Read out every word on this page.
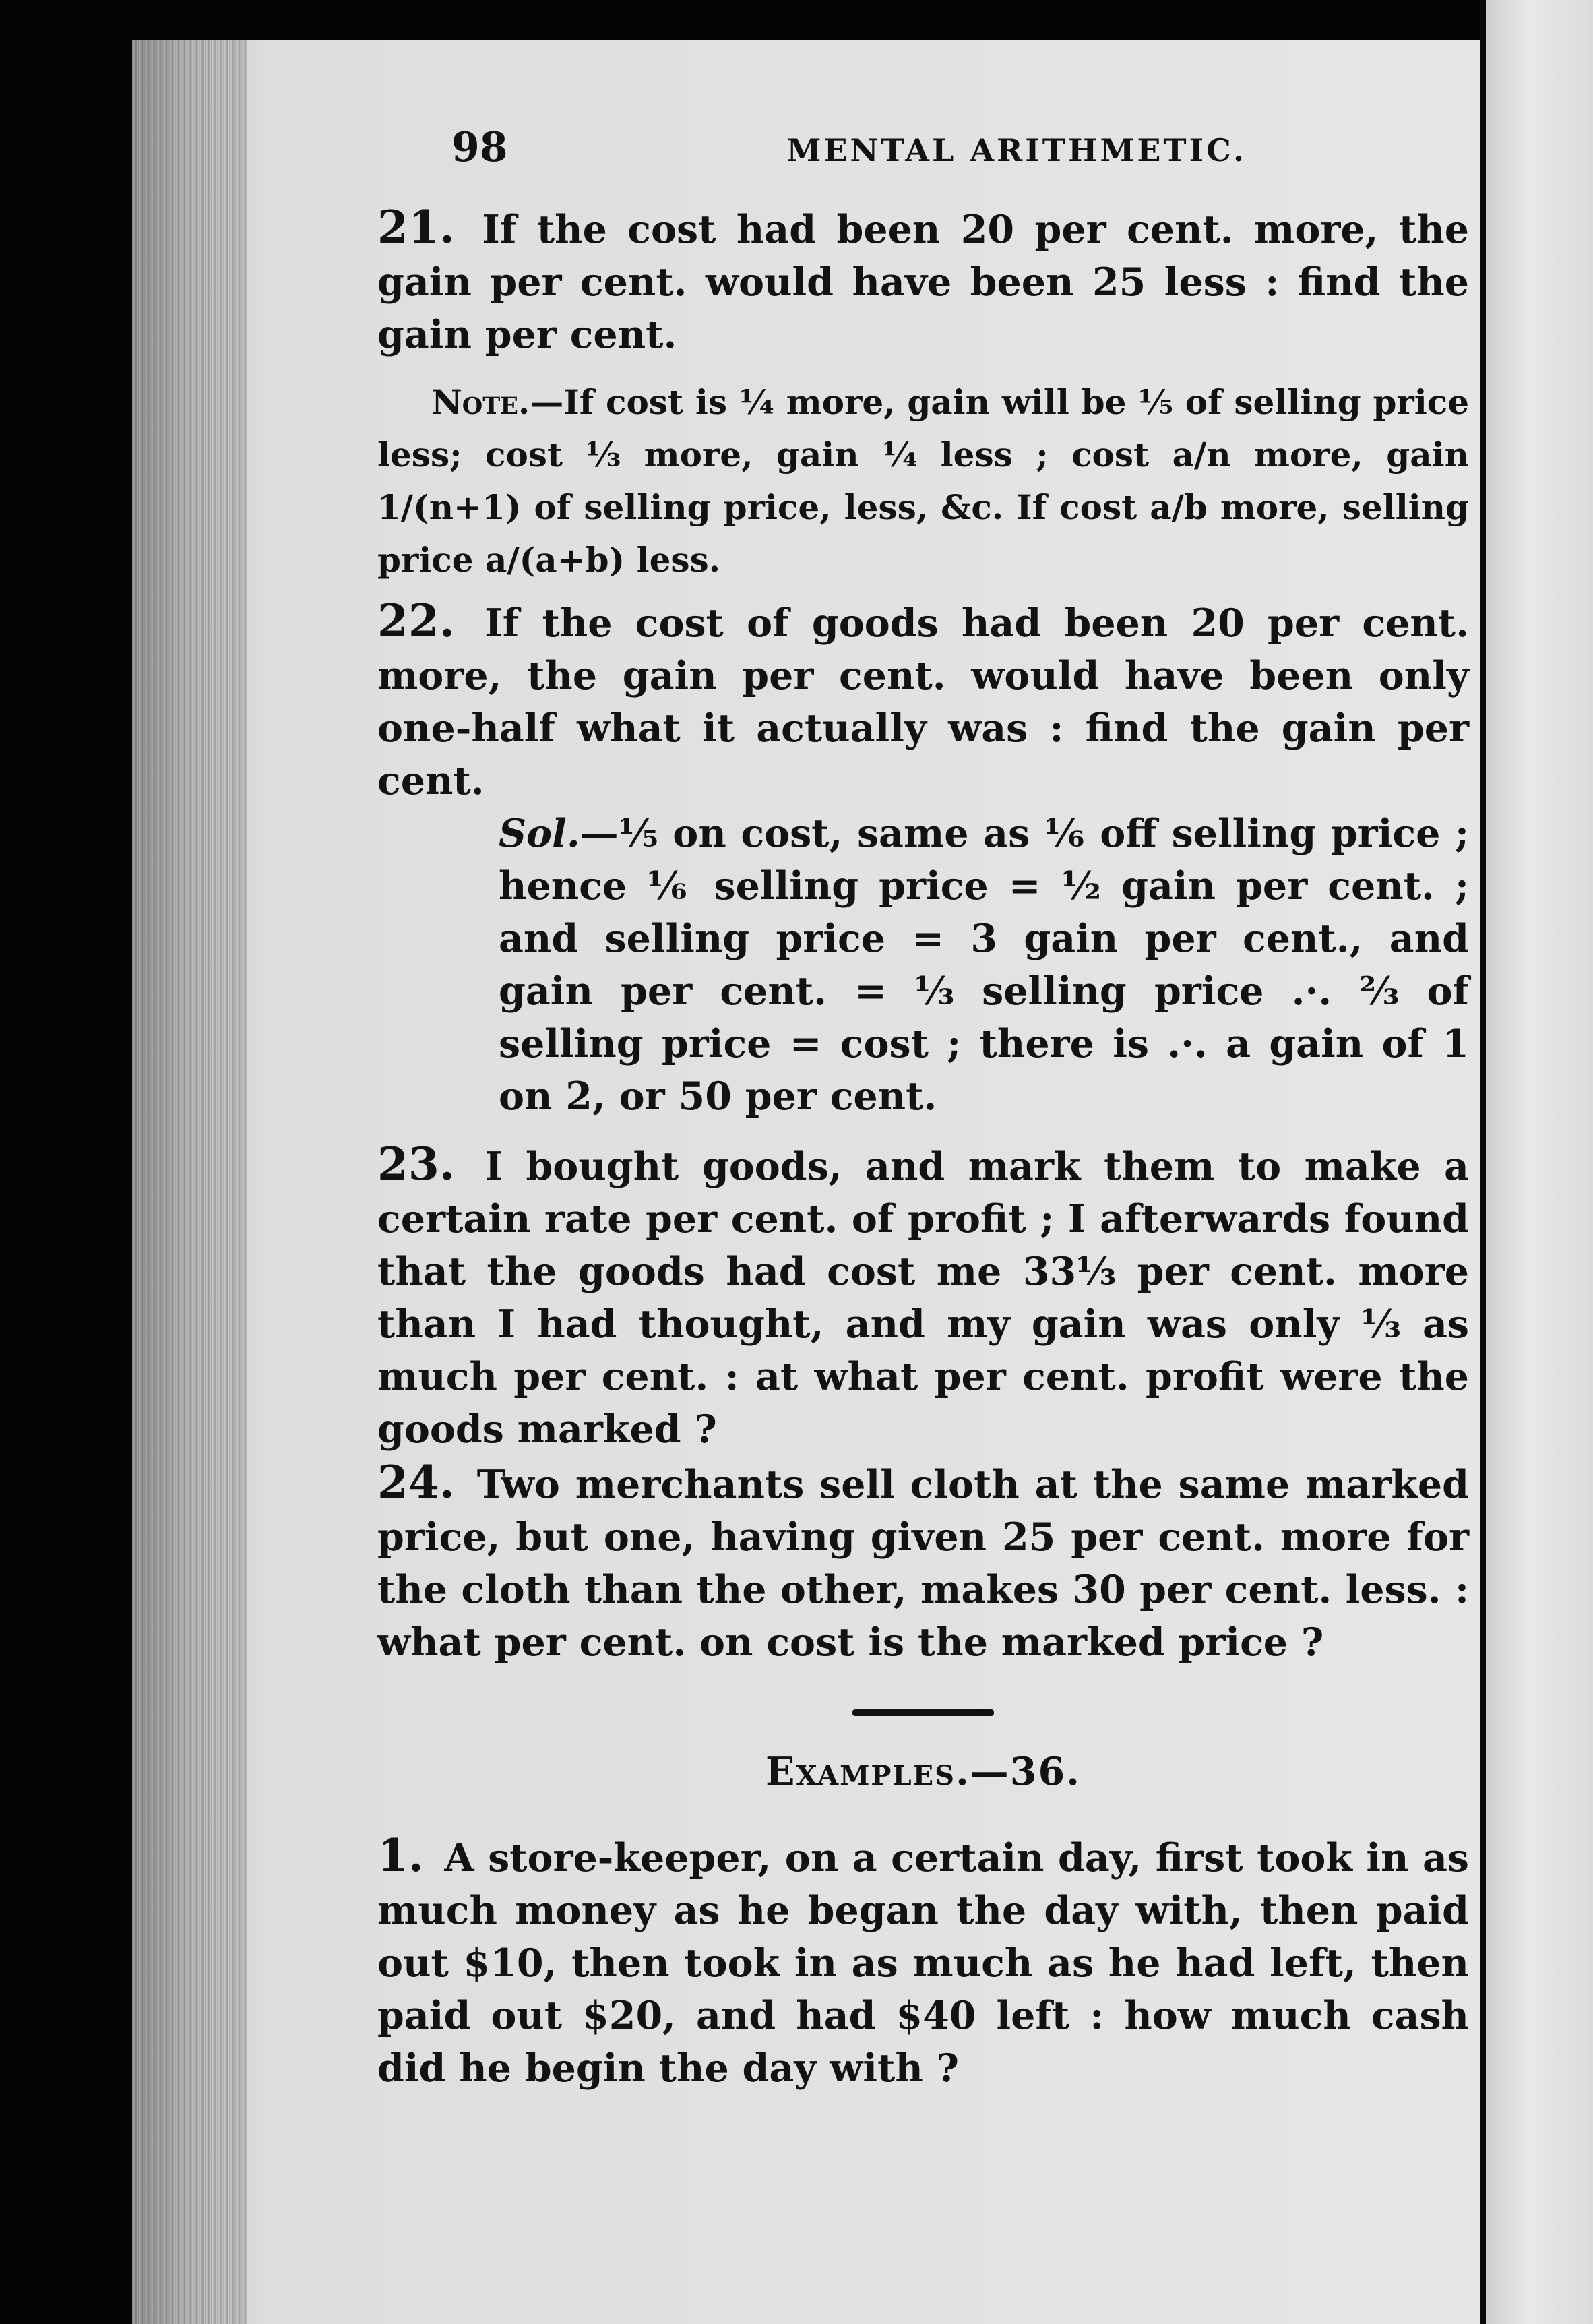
98	MENTAL ARITHMETIC.

21. If the cost had been 20 per cent. more, the gain per cent. would have been 25 less : find the gain per cent.

Note.—If cost is ¼ more, gain will be ⅕ of selling price less; cost ⅓ more, gain ¼ less ; cost a/n more, gain 1/(n+1) of selling price, less, &c. If cost a/b more, selling price a/(a+b) less.

22. If the cost of goods had been 20 per cent. more, the gain per cent. would have been only one-half what it actually was : find the gain per cent.

Sol.—⅕ on cost, same as ⅙ off selling price ; hence ⅙ selling price = ½ gain per cent. ; and selling price = 3 gain per cent., and gain per cent. = ⅓ selling price .·. ⅔ of selling price = cost ; there is .·. a gain of 1 on 2, or 50 per cent.

23. I bought goods, and mark them to make a certain rate per cent. of profit ; I afterwards found that the goods had cost me 33⅓ per cent. more than I had thought, and my gain was only ⅓ as much per cent. : at what per cent. profit were the goods marked ?

24. Two merchants sell cloth at the same marked price, but one, having given 25 per cent. more for the cloth than the other, makes 30 per cent. less. : what per cent. on cost is the marked price ?

Examples.—36.

1. A store-keeper, on a certain day, first took in as much money as he began the day with, then paid out $10, then took in as much as he had left, then paid out $20, and had $40 left : how much cash did he begin the day with ?
